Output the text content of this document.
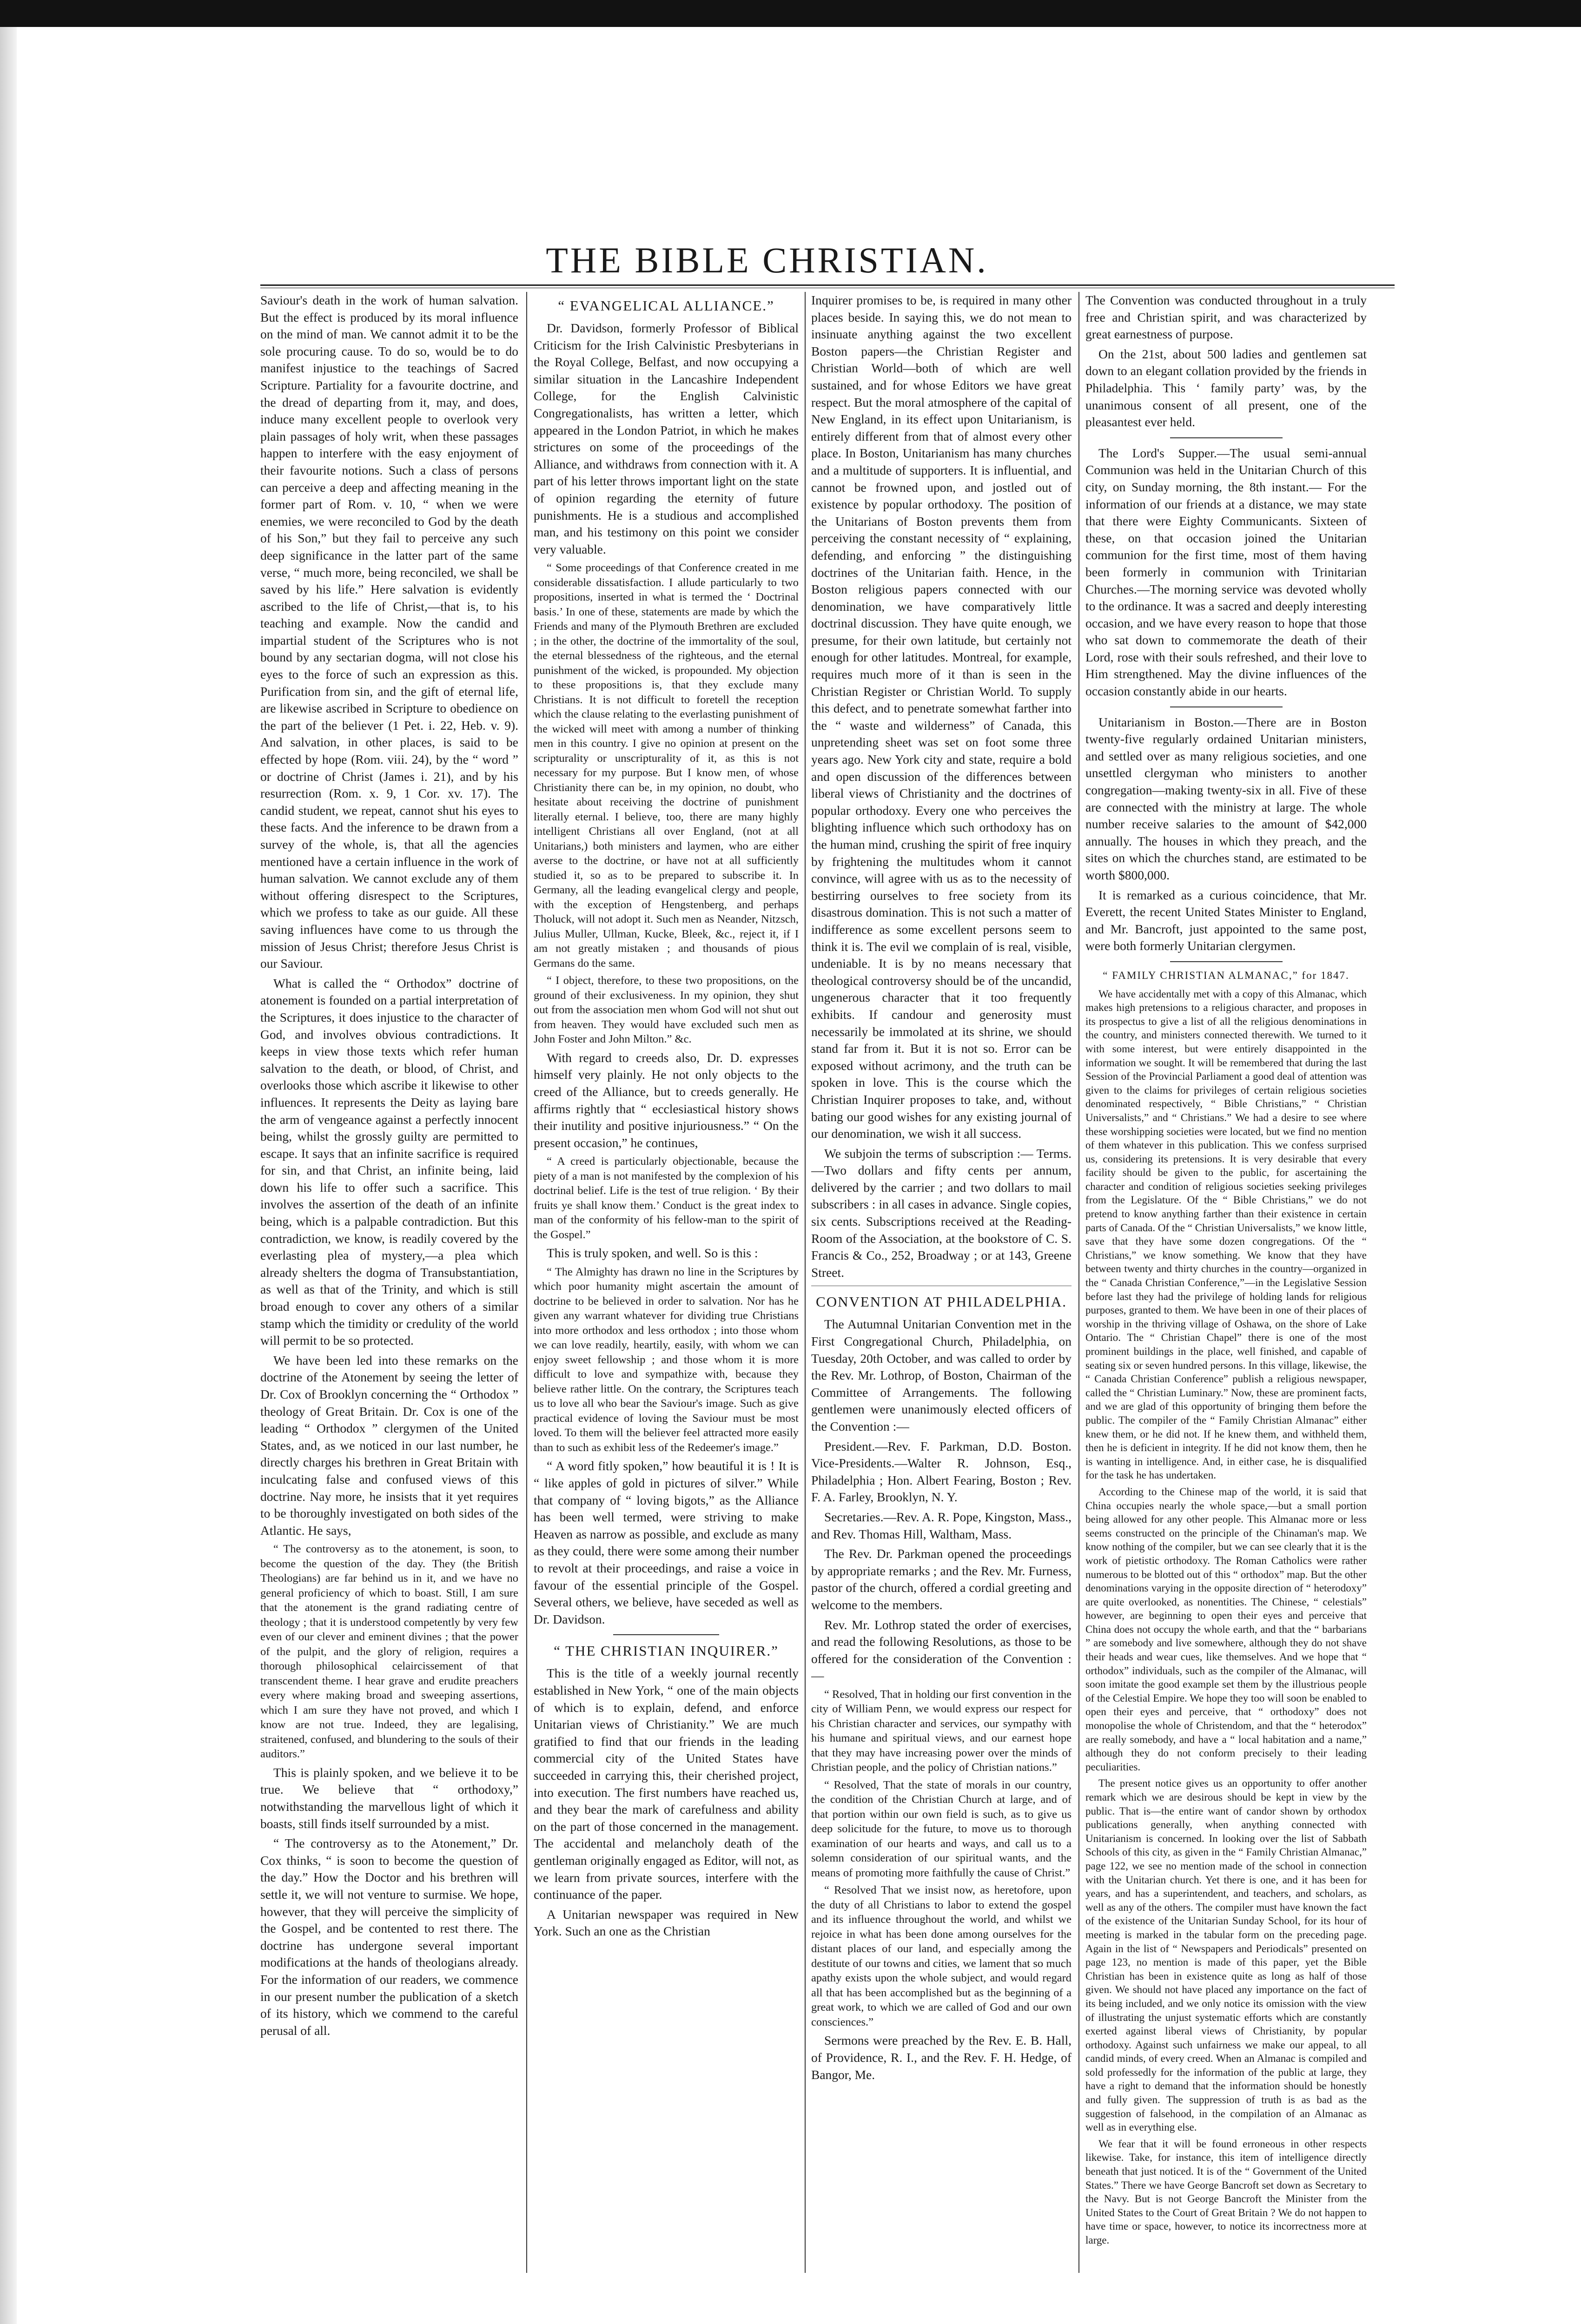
THE BIBLE CHRISTIAN.

Saviour's death in the work of human salvation. But the effect is produced by its moral influence on the mind of man. We cannot admit it to be the sole procuring cause. To do so, would be to do manifest injustice to the teachings of Sacred Scripture. Partiality for a favourite doctrine, and the dread of departing from it, may, and does, induce many excellent people to overlook very plain passages of holy writ, when these passages happen to interfere with the easy enjoyment of their favourite notions. Such a class of persons can perceive a deep and affecting meaning in the former part of Rom. v. 10, “ when we were enemies, we were reconciled to God by the death of his Son,” but they fail to perceive any such deep significance in the latter part of the same verse, “ much more, being reconciled, we shall be saved by his life.” Here salvation is evidently ascribed to the life of Christ,—that is, to his teaching and example. Now the candid and impartial student of the Scriptures who is not bound by any sectarian dogma, will not close his eyes to the force of such an expression as this. Purification from sin, and the gift of eternal life, are likewise ascribed in Scripture to obedience on the part of the believer (1 Pet. i. 22, Heb. v. 9). And salvation, in other places, is said to be effected by hope (Rom. viii. 24), by the “ word ” or doctrine of Christ (James i. 21), and by his resurrection (Rom. x. 9, 1 Cor. xv. 17). The candid student, we repeat, cannot shut his eyes to these facts. And the inference to be drawn from a survey of the whole, is, that all the agencies mentioned have a certain influence in the work of human salvation. We cannot exclude any of them without offering disrespect to the Scriptures, which we profess to take as our guide. All these saving influences have come to us through the mission of Jesus Christ; therefore Jesus Christ is our Saviour.

What is called the “ Orthodox” doctrine of atonement is founded on a partial interpretation of the Scriptures, it does injustice to the character of God, and involves obvious contradictions. It keeps in view those texts which refer human salvation to the death, or blood, of Christ, and overlooks those which ascribe it likewise to other influences. It represents the Deity as laying bare the arm of vengeance against a perfectly innocent being, whilst the grossly guilty are permitted to escape. It says that an infinite sacrifice is required for sin, and that Christ, an infinite being, laid down his life to offer such a sacrifice. This involves the assertion of the death of an infinite being, which is a palpable contradiction. But this contradiction, we know, is readily covered by the everlasting plea of mystery,—a plea which already shelters the dogma of Transubstantiation, as well as that of the Trinity, and which is still broad enough to cover any others of a similar stamp which the timidity or credulity of the world will permit to be so protected.

We have been led into these remarks on the doctrine of the Atonement by seeing the letter of Dr. Cox of Brooklyn concerning the “ Orthodox ” theology of Great Britain. Dr. Cox is one of the leading “ Orthodox ” clergymen of the United States, and, as we noticed in our last number, he directly charges his brethren in Great Britain with inculcating false and confused views of this doctrine. Nay more, he insists that it yet requires to be thoroughly investigated on both sides of the Atlantic. He says,

“ The controversy as to the atonement, is soon, to become the question of the day. They (the British Theologians) are far behind us in it, and we have no general proficiency of which to boast. Still, I am sure that the atonement is the grand radiating centre of theology ; that it is understood competently by very few even of our clever and eminent divines ; that the power of the pulpit, and the glory of religion, requires a thorough philosophical celaircissement of that transcendent theme. I hear grave and erudite preachers every where making broad and sweeping assertions, which I am sure they have not proved, and which I know are not true. Indeed, they are legalising, straitened, confused, and blundering to the souls of their auditors.”

This is plainly spoken, and we believe it to be true. We believe that “ orthodoxy,” notwithstanding the marvellous light of which it boasts, still finds itself surrounded by a mist.

“ The controversy as to the Atonement,” Dr. Cox thinks, “ is soon to become the question of the day.” How the Doctor and his brethren will settle it, we will not venture to surmise. We hope, however, that they will perceive the simplicity of the Gospel, and be contented to rest there. The doctrine has undergone several important modifications at the hands of theologians already. For the information of our readers, we commence in our present number the publication of a sketch of its history, which we commend to the careful perusal of all.

“ EVANGELICAL ALLIANCE.”

Dr. Davidson, formerly Professor of Biblical Criticism for the Irish Calvinistic Presbyterians in the Royal College, Belfast, and now occupying a similar situation in the Lancashire Independent College, for the English Calvinistic Congregationalists, has written a letter, which appeared in the London Patriot, in which he makes strictures on some of the proceedings of the Alliance, and withdraws from connection with it. A part of his letter throws important light on the state of opinion regarding the eternity of future punishments. He is a studious and accomplished man, and his testimony on this point we consider very valuable.

“ Some proceedings of that Conference created in me considerable dissatisfaction. I allude particularly to two propositions, inserted in what is termed the ‘ Doctrinal basis.’ In one of these, statements are made by which the Friends and many of the Plymouth Brethren are excluded ; in the other, the doctrine of the immortality of the soul, the eternal blessedness of the righteous, and the eternal punishment of the wicked, is propounded. My objection to these propositions is, that they exclude many Christians. It is not difficult to foretell the reception which the clause relating to the everlasting punishment of the wicked will meet with among a number of thinking men in this country. I give no opinion at present on the scripturality or unscripturality of it, as this is not necessary for my purpose. But I know men, of whose Christianity there can be, in my opinion, no doubt, who hesitate about receiving the doctrine of punishment literally eternal. I believe, too, there are many highly intelligent Christians all over England, (not at all Unitarians,) both ministers and laymen, who are either averse to the doctrine, or have not at all sufficiently studied it, so as to be prepared to subscribe it. In Germany, all the leading evangelical clergy and people, with the exception of Hengstenberg, and perhaps Tholuck, will not adopt it. Such men as Neander, Nitzsch, Julius Muller, Ullman, Kucke, Bleek, &c., reject it, if I am not greatly mistaken ; and thousands of pious Germans do the same.

“ I object, therefore, to these two propositions, on the ground of their exclusiveness. In my opinion, they shut out from the association men whom God will not shut out from heaven. They would have excluded such men as John Foster and John Milton.” &c.

With regard to creeds also, Dr. D. expresses himself very plainly. He not only objects to the creed of the Alliance, but to creeds generally. He affirms rightly that “ ecclesiastical history shows their inutility and positive injuriousness.” “ On the present occasion,” he continues,

“ A creed is particularly objectionable, because the piety of a man is not manifested by the complexion of his doctrinal belief. Life is the test of true religion. ‘ By their fruits ye shall know them.’ Conduct is the great index to man of the conformity of his fellow-man to the spirit of the Gospel.”

This is truly spoken, and well. So is this :

“ The Almighty has drawn no line in the Scriptures by which poor humanity might ascertain the amount of doctrine to be believed in order to salvation. Nor has he given any warrant whatever for dividing true Christians into more orthodox and less orthodox ; into those whom we can love readily, heartily, easily, with whom we can enjoy sweet fellowship ; and those whom it is more difficult to love and sympathize with, because they believe rather little. On the contrary, the Scriptures teach us to love all who bear the Saviour's image. Such as give practical evidence of loving the Saviour must be most loved. To them will the believer feel attracted more easily than to such as exhibit less of the Redeemer's image.”

“ A word fitly spoken,” how beautiful it is ! It is “ like apples of gold in pictures of silver.” While that company of “ loving bigots,” as the Alliance has been well termed, were striving to make Heaven as narrow as possible, and exclude as many as they could, there were some among their number to revolt at their proceedings, and raise a voice in favour of the essential principle of the Gospel. Several others, we believe, have seceded as well as Dr. Davidson.

“ THE CHRISTIAN INQUIRER.”

This is the title of a weekly journal recently established in New York, “ one of the main objects of which is to explain, defend, and enforce Unitarian views of Christianity.” We are much gratified to find that our friends in the leading commercial city of the United States have succeeded in carrying this, their cherished project, into execution. The first numbers have reached us, and they bear the mark of carefulness and ability on the part of those concerned in the management. The accidental and melancholy death of the gentleman originally engaged as Editor, will not, as we learn from private sources, interfere with the continuance of the paper.

A Unitarian newspaper was required in New York. Such an one as the Christian

Inquirer promises to be, is required in many other places beside. In saying this, we do not mean to insinuate anything against the two excellent Boston papers—the Christian Register and Christian World—both of which are well sustained, and for whose Editors we have great respect. But the moral atmosphere of the capital of New England, in its effect upon Unitarianism, is entirely different from that of almost every other place. In Boston, Unitarianism has many churches and a multitude of supporters. It is influential, and cannot be frowned upon, and jostled out of existence by popular orthodoxy. The position of the Unitarians of Boston prevents them from perceiving the constant necessity of “ explaining, defending, and enforcing ” the distinguishing doctrines of the Unitarian faith. Hence, in the Boston religious papers connected with our denomination, we have comparatively little doctrinal discussion. They have quite enough, we presume, for their own latitude, but certainly not enough for other latitudes. Montreal, for example, requires much more of it than is seen in the Christian Register or Christian World. To supply this defect, and to penetrate somewhat farther into the “ waste and wilderness” of Canada, this unpretending sheet was set on foot some three years ago. New York city and state, require a bold and open discussion of the differences between liberal views of Christianity and the doctrines of popular orthodoxy. Every one who perceives the blighting influence which such orthodoxy has on the human mind, crushing the spirit of free inquiry by frightening the multitudes whom it cannot convince, will agree with us as to the necessity of bestirring ourselves to free society from its disastrous domination. This is not such a matter of indifference as some excellent persons seem to think it is. The evil we complain of is real, visible, undeniable. It is by no means necessary that theological controversy should be of the uncandid, ungenerous character that it too frequently exhibits. If candour and generosity must necessarily be immolated at its shrine, we should stand far from it. But it is not so. Error can be exposed without acrimony, and the truth can be spoken in love. This is the course which the Christian Inquirer proposes to take, and, without bating our good wishes for any existing journal of our denomination, we wish it all success.

We subjoin the terms of subscription :— Terms.—Two dollars and fifty cents per annum, delivered by the carrier ; and two dollars to mail subscribers : in all cases in advance. Single copies, six cents. Subscriptions received at the Reading-Room of the Association, at the bookstore of C. S. Francis & Co., 252, Broadway ; or at 143, Greene Street.

CONVENTION AT PHILADELPHIA.

The Autumnal Unitarian Convention met in the First Congregational Church, Philadelphia, on Tuesday, 20th October, and was called to order by the Rev. Mr. Lothrop, of Boston, Chairman of the Committee of Arrangements. The following gentlemen were unanimously elected officers of the Convention :—

President.—Rev. F. Parkman, D.D. Boston. Vice-Presidents.—Walter R. Johnson, Esq., Philadelphia ; Hon. Albert Fearing, Boston ; Rev. F. A. Farley, Brooklyn, N. Y.

Secretaries.—Rev. A. R. Pope, Kingston, Mass., and Rev. Thomas Hill, Waltham, Mass.

The Rev. Dr. Parkman opened the proceedings by appropriate remarks ; and the Rev. Mr. Furness, pastor of the church, offered a cordial greeting and welcome to the members.

Rev. Mr. Lothrop stated the order of exercises, and read the following Resolutions, as those to be offered for the consideration of the Convention :—

“ Resolved, That in holding our first convention in the city of William Penn, we would express our respect for his Christian character and services, our sympathy with his humane and spiritual views, and our earnest hope that they may have increasing power over the minds of Christian people, and the policy of Christian nations.”

“ Resolved, That the state of morals in our country, the condition of the Christian Church at large, and of that portion within our own field is such, as to give us deep solicitude for the future, to move us to thorough examination of our hearts and ways, and call us to a solemn consideration of our spiritual wants, and the means of promoting more faithfully the cause of Christ.”

“ Resolved That we insist now, as heretofore, upon the duty of all Christians to labor to extend the gospel and its influence throughout the world, and whilst we rejoice in what has been done among ourselves for the distant places of our land, and especially among the destitute of our towns and cities, we lament that so much apathy exists upon the whole subject, and would regard all that has been accomplished but as the beginning of a great work, to which we are called of God and our own consciences.”

Sermons were preached by the Rev. E. B. Hall, of Providence, R. I., and the Rev. F. H. Hedge, of Bangor, Me.

The Convention was conducted throughout in a truly free and Christian spirit, and was characterized by great earnestness of purpose.

On the 21st, about 500 ladies and gentlemen sat down to an elegant collation provided by the friends in Philadelphia. This ‘ family party’ was, by the unanimous consent of all present, one of the pleasantest ever held.

The Lord's Supper.—The usual semi-annual Communion was held in the Unitarian Church of this city, on Sunday morning, the 8th instant.— For the information of our friends at a distance, we may state that there were Eighty Communicants. Sixteen of these, on that occasion joined the Unitarian communion for the first time, most of them having been formerly in communion with Trinitarian Churches.—The morning service was devoted wholly to the ordinance. It was a sacred and deeply interesting occasion, and we have every reason to hope that those who sat down to commemorate the death of their Lord, rose with their souls refreshed, and their love to Him strengthened. May the divine influences of the occasion constantly abide in our hearts.

Unitarianism in Boston.—There are in Boston twenty-five regularly ordained Unitarian ministers, and settled over as many religious societies, and one unsettled clergyman who ministers to another congregation—making twenty-six in all. Five of these are connected with the ministry at large. The whole number receive salaries to the amount of $42,000 annually. The houses in which they preach, and the sites on which the churches stand, are estimated to be worth $800,000.

It is remarked as a curious coincidence, that Mr. Everett, the recent United States Minister to England, and Mr. Bancroft, just appointed to the same post, were both formerly Unitarian clergymen.

“ FAMILY CHRISTIAN ALMANAC,” for 1847.

We have accidentally met with a copy of this Almanac, which makes high pretensions to a religious character, and proposes in its prospectus to give a list of all the religious denominations in the country, and ministers connected therewith. We turned to it with some interest, but were entirely disappointed in the information we sought. It will be remembered that during the last Session of the Provincial Parliament a good deal of attention was given to the claims for privileges of certain religious societies denominated respectively, “ Bible Christians,” “ Christian Universalists,” and “ Christians.” We had a desire to see where these worshipping societies were located, but we find no mention of them whatever in this publication. This we confess surprised us, considering its pretensions. It is very desirable that every facility should be given to the public, for ascertaining the character and condition of religious societies seeking privileges from the Legislature. Of the “ Bible Christians,” we do not pretend to know anything farther than their existence in certain parts of Canada. Of the “ Christian Universalists,” we know little, save that they have some dozen congregations. Of the “ Christians,” we know something. We know that they have between twenty and thirty churches in the country—organized in the “ Canada Christian Conference,”—in the Legislative Session before last they had the privilege of holding lands for religious purposes, granted to them. We have been in one of their places of worship in the thriving village of Oshawa, on the shore of Lake Ontario. The “ Christian Chapel” there is one of the most prominent buildings in the place, well finished, and capable of seating six or seven hundred persons. In this village, likewise, the “ Canada Christian Conference” publish a religious newspaper, called the “ Christian Luminary.” Now, these are prominent facts, and we are glad of this opportunity of bringing them before the public. The compiler of the “ Family Christian Almanac” either knew them, or he did not. If he knew them, and withheld them, then he is deficient in integrity. If he did not know them, then he is wanting in intelligence. And, in either case, he is disqualified for the task he has undertaken.

According to the Chinese map of the world, it is said that China occupies nearly the whole space,—but a small portion being allowed for any other people. This Almanac more or less seems constructed on the principle of the Chinaman's map. We know nothing of the compiler, but we can see clearly that it is the work of pietistic orthodoxy. The Roman Catholics were rather numerous to be blotted out of this “ orthodox” map. But the other denominations varying in the opposite direction of “ heterodoxy” are quite overlooked, as nonentities. The Chinese, “ celestials” however, are beginning to open their eyes and perceive that China does not occupy the whole earth, and that the “ barbarians ” are somebody and live somewhere, although they do not shave their heads and wear cues, like themselves. And we hope that “ orthodox” individuals, such as the compiler of the Almanac, will soon imitate the good example set them by the illustrious people of the Celestial Empire. We hope they too will soon be enabled to open their eyes and perceive, that “ orthodoxy” does not monopolise the whole of Christendom, and that the “ heterodox” are really somebody, and have a “ local habitation and a name,” although they do not conform precisely to their leading peculiarities.

The present notice gives us an opportunity to offer another remark which we are desirous should be kept in view by the public. That is—the entire want of candor shown by orthodox publications generally, when anything connected with Unitarianism is concerned. In looking over the list of Sabbath Schools of this city, as given in the “ Family Christian Almanac,” page 122, we see no mention made of the school in connection with the Unitarian church. Yet there is one, and it has been for years, and has a superintendent, and teachers, and scholars, as well as any of the others. The compiler must have known the fact of the existence of the Unitarian Sunday School, for its hour of meeting is marked in the tabular form on the preceding page. Again in the list of “ Newspapers and Periodicals” presented on page 123, no mention is made of this paper, yet the Bible Christian has been in existence quite as long as half of those given. We should not have placed any importance on the fact of its being included, and we only notice its omission with the view of illustrating the unjust systematic efforts which are constantly exerted against liberal views of Christianity, by popular orthodoxy. Against such unfairness we make our appeal, to all candid minds, of every creed. When an Almanac is compiled and sold professedly for the information of the public at large, they have a right to demand that the information should be honestly and fully given. The suppression of truth is as bad as the suggestion of falsehood, in the compilation of an Almanac as well as in everything else.

We fear that it will be found erroneous in other respects likewise. Take, for instance, this item of intelligence directly beneath that just noticed. It is of the “ Government of the United States.” There we have George Bancroft set down as Secretary to the Navy. But is not George Bancroft the Minister from the United States to the Court of Great Britain ? We do not happen to have time or space, however, to notice its incorrectness more at large.
